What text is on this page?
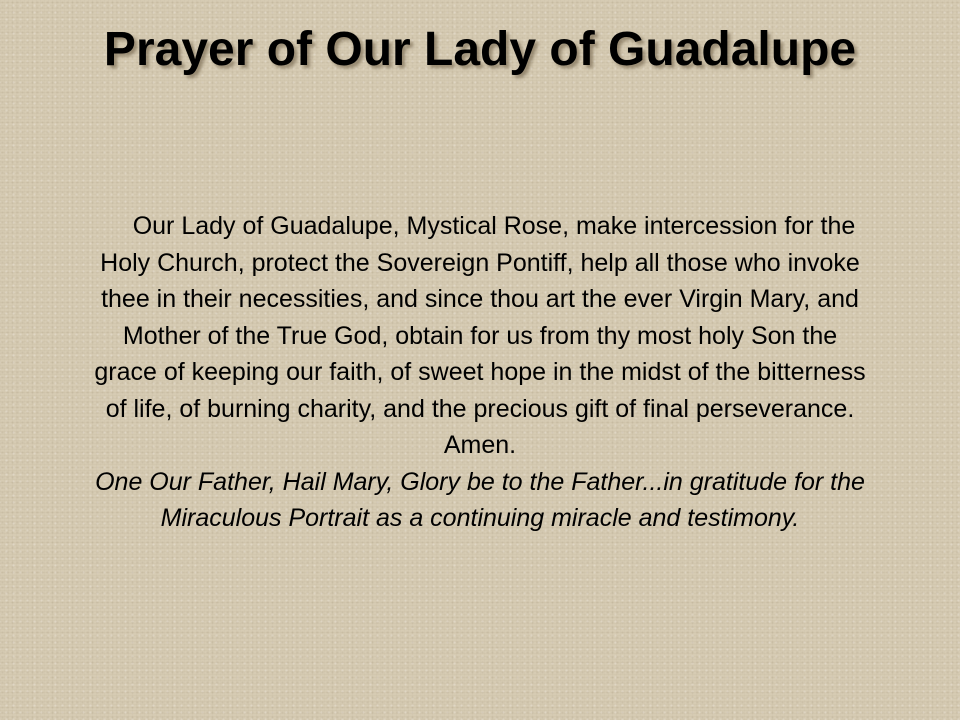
Prayer of Our Lady of Guadalupe

Our Lady of Guadalupe, Mystical Rose, make intercession for the Holy Church, protect the Sovereign Pontiff, help all those who invoke thee in their necessities, and since thou art the ever Virgin Mary, and Mother of the True God, obtain for us from thy most holy Son the grace of keeping our faith, of sweet hope in the midst of the bitterness of life, of burning charity, and the precious gift of final perseverance. Amen.

One Our Father, Hail Mary, Glory be to the Father...in gratitude for the Miraculous Portrait as a continuing miracle and testimony.
